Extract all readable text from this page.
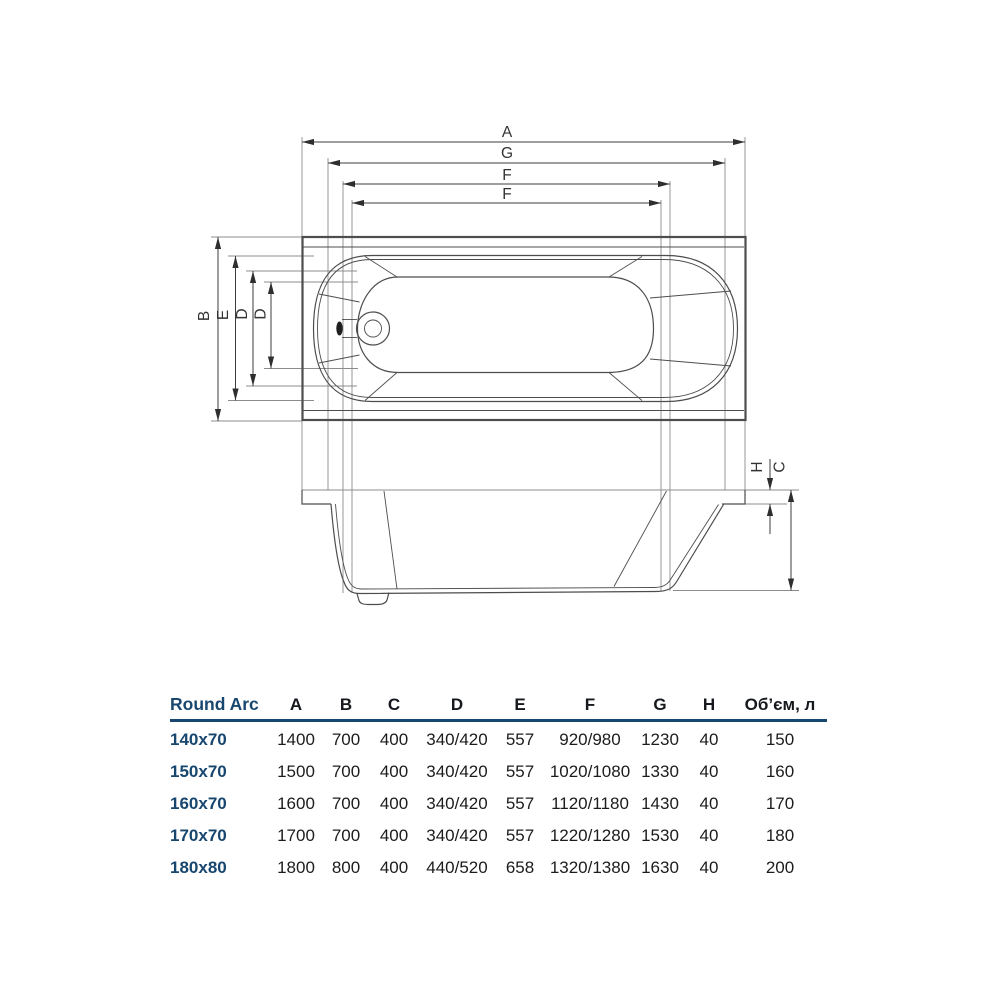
A
G
F
F
B E D D
H C
Round Arc	A	B	C	D	E	F	G	H	Об’єм, л
140x70	1400 700	400	340/420	557	920/980	1230	40	150
150x70	1500 700	400	340/420	557 1020/1080 1330	40	160
160x70	1600 700	400	340/420	557 1120/1180 1430	40	170
170x70	1700 700	400	340/420	557 1220/1280 1530	40	180
180x80	1800 800	400	440/520	658 1320/1380 1630	40	200
